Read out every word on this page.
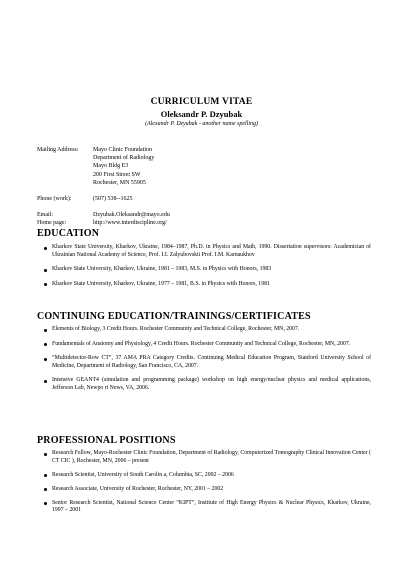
CURRICULUM VITAE
Oleksandr P. Dzyubak
(Alexandr P. Dzyubak - another name spelling)
Mailing Address:	Mayo Clinic Foundation
Department of Radiology
Mayo Bldg E3
200 First Street SW
Rochester, MN 55905
Phone (work):	(507) 538--1625
Email:	Dzyubak.Oleksandr@mayo.edu
Home page:	http://www.interdiscipline.org/
EDUCATION
Kharkov State University, Kharkov, Ukraine, 1984–1987, Ph.D. in Physics and Math, 1990. Dissertation supervisors: Academician of Ukrainian National Academy of Science, Prof. I.I. Zalyubovskii Prof. I.M. Karnaukhov
Kharkov State University, Kharkov, Ukraine, 1981 – 1983, M.S. in Physics with Honors, 1983
Kharkov State University, Kharkov, Ukraine, 1977 – 1981, B.S. in Physics with Honors, 1981
CONTINUING EDUCATION/TRAININGS/CERTIFICATES
Elements of Biology, 3 Credit Hours. Rochester Community and Technical College, Rochester, MN, 2007.
Fundamentals of Anatomy and Physiology, 4 Credit Hours. Rochester Community and Technical College, Rochester, MN, 2007.
“Multidetector-Row CT”, 37 AMA PRA Category Credits. Continuing Medical Education Program, Stanford University School of Medicine, Department of Radiology, San Francisco, CA, 2007.
Intensive GEANT4 (simulation and programming package) workshop on high energy/nuclear physics and medical applications, Jefferson Lab, Newpo rt News, VA, 2006.
PROFESSIONAL POSITIONS
Research Fellow, Mayo-Rochester Clinic Foundation, Department of Radiology, Computerized Tomography Clinical Innovation Center ( CT CIC ), Rochester, MN, 2006 – present
Research Scientist, University of South Carolin a, Columbia, SC, 2002 – 2006
Research Associate, University of Rochester, Rochester, NY, 2001 – 2002
Senior Research Scientist, National Science Center “KIPT”, Institute of High Energy Physics & Nuclear Physics, Kharkov, Ukraine, 1997 – 2001
